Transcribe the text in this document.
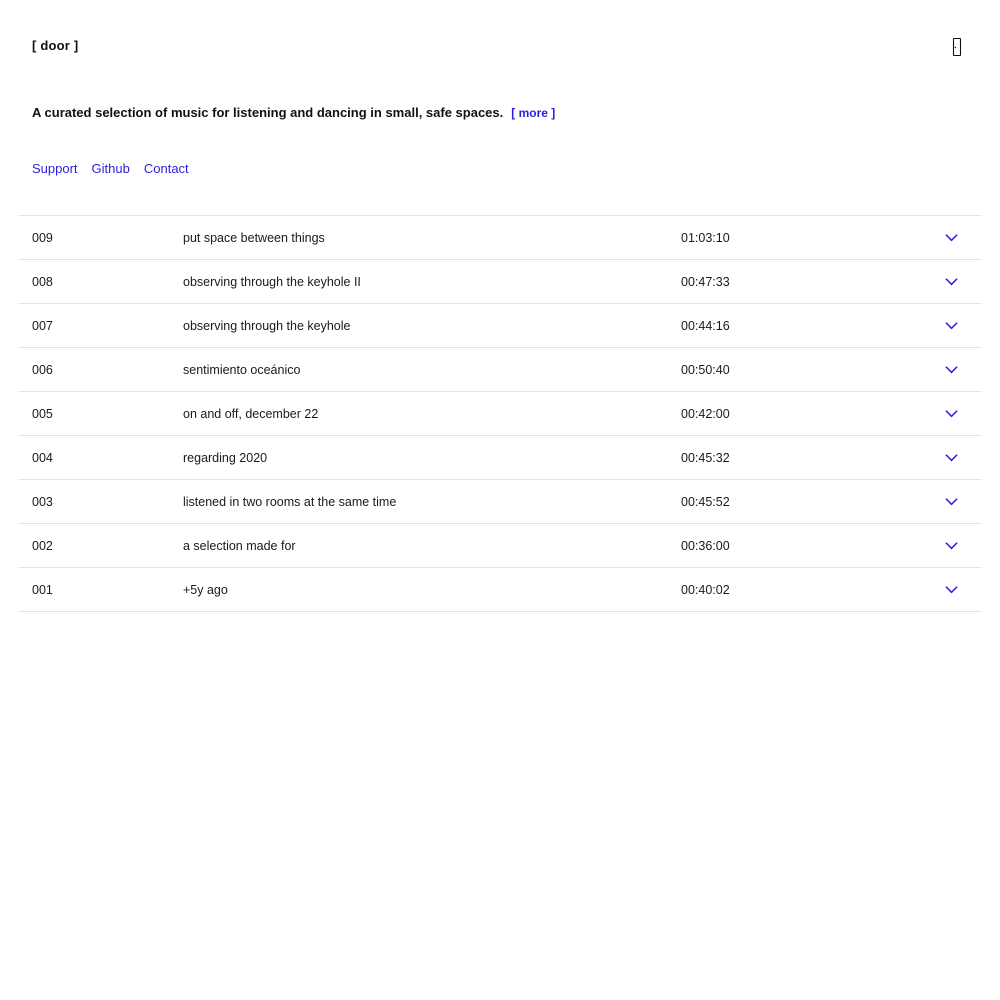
[ door ]
A curated selection of music for listening and dancing in small, safe spaces. [ more ]
Support Github Contact
009	put space between things	01:03:10
008	observing through the keyhole II	00:47:33
007	observing through the keyhole	00:44:16
006	sentimiento oceánico	00:50:40
005	on and off, december 22	00:42:00
004	regarding 2020	00:45:32
003	listened in two rooms at the same time	00:45:52
002	a selection made for	00:36:00
001	+5y ago	00:40:02
